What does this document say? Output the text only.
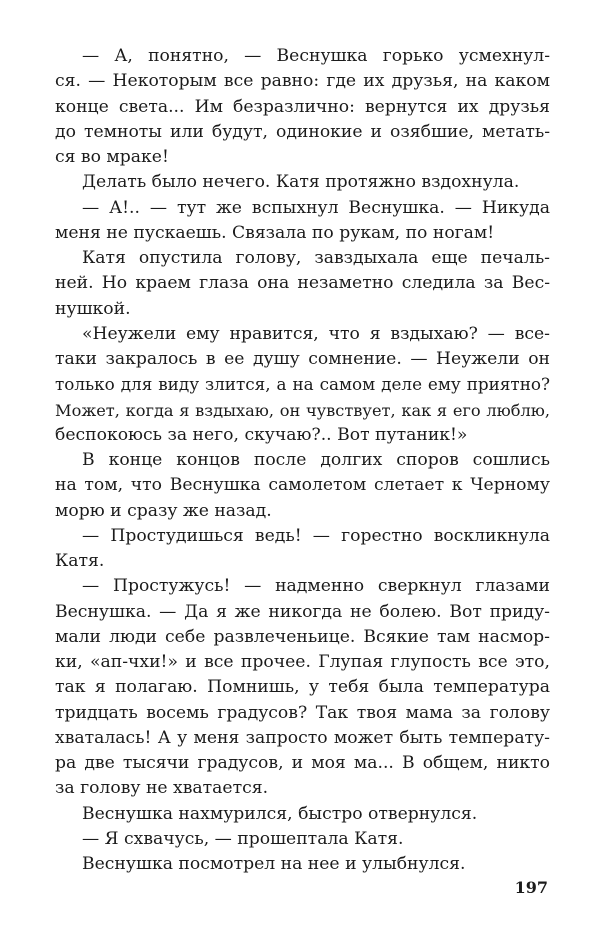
— А, понятно, — Веснушка горько усмехнул-
ся. — Некоторым все равно: где их друзья, на каком
конце света... Им безразлично: вернутся их друзья
до темноты или будут, одинокие и озябшие, метать-
ся во мраке!
Делать было нечего. Катя протяжно вздохнула.
— А!.. — тут же вспыхнул Веснушка. — Никуда
меня не пускаешь. Связала по рукам, по ногам!
Катя опустила голову, завздыхала еще печаль-
ней. Но краем глаза она незаметно следила за Вес-
нушкой.
«Неужели ему нравится, что я вздыхаю? — все-
таки закралось в ее душу сомнение. — Неужели он
только для виду злится, а на самом деле ему приятно?
Может, когда я вздыхаю, он чувствует, как я его люблю,
беспокоюсь за него, скучаю?.. Вот путаник!»
В конце концов после долгих споров сошлись
на том, что Веснушка самолетом слетает к Черному
морю и сразу же назад.
— Простудишься ведь! — горестно воскликнула
Катя.
— Простужусь! — надменно сверкнул глазами
Веснушка. — Да я же никогда не болею. Вот приду-
мали люди себе развлеченьице. Всякие там насмор-
ки, «ап-чхи!» и все прочее. Глупая глупость все это,
так я полагаю. Помнишь, у тебя была температура
тридцать восемь градусов? Так твоя мама за голову
хваталась! А у меня запросто может быть температу-
ра две тысячи градусов, и моя ма... В общем, никто
за голову не хватается.
Веснушка нахмурился, быстро отвернулся.
— Я схвачусь, — прошептала Катя.
Веснушка посмотрел на нее и улыбнулся.
197
